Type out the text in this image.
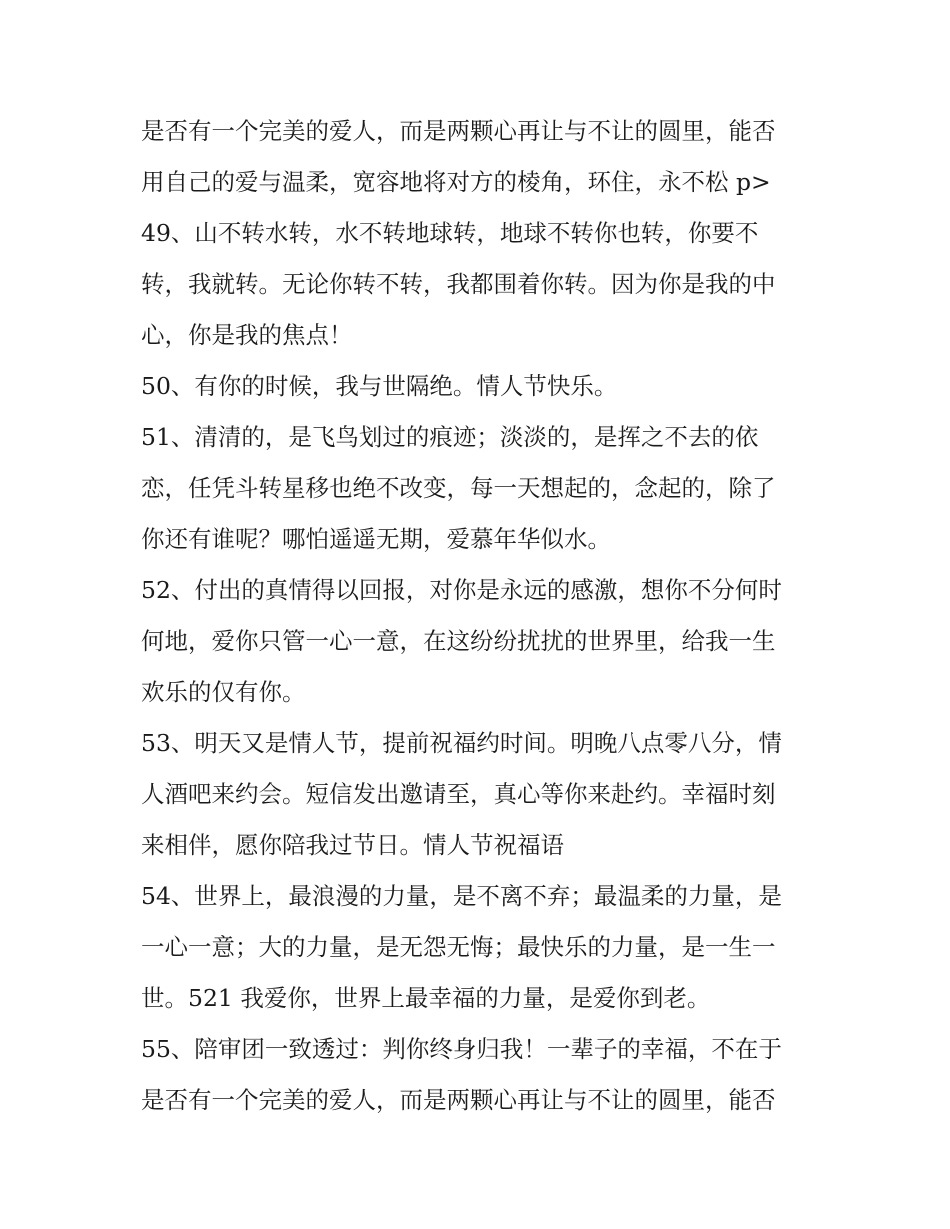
是否有一个完美的爱人，而是两颗心再让与不让的圆里，能否
用自己的爱与温柔，宽容地将对方的棱角，环住，永不松 p>
49、山不转水转，水不转地球转，地球不转你也转，你要不
转，我就转。无论你转不转，我都围着你转。因为你是我的中
心，你是我的焦点！
50、有你的时候，我与世隔绝。情人节快乐。
51、清清的，是飞鸟划过的痕迹；淡淡的，是挥之不去的依
恋，任凭斗转星移也绝不改变，每一天想起的，念起的，除了
你还有谁呢？哪怕遥遥无期，爱慕年华似水。
52、付出的真情得以回报，对你是永远的感激，想你不分何时
何地，爱你只管一心一意，在这纷纷扰扰的世界里，给我一生
欢乐的仅有你。
53、明天又是情人节，提前祝福约时间。明晚八点零八分，情
人酒吧来约会。短信发出邀请至，真心等你来赴约。幸福时刻
来相伴，愿你陪我过节日。情人节祝福语
54、世界上，最浪漫的力量，是不离不弃；最温柔的力量，是
一心一意；大的力量，是无怨无悔；最快乐的力量，是一生一
世。521 我爱你，世界上最幸福的力量，是爱你到老。
55、陪审团一致透过：判你终身归我！一辈子的幸福，不在于
是否有一个完美的爱人，而是两颗心再让与不让的圆里，能否
